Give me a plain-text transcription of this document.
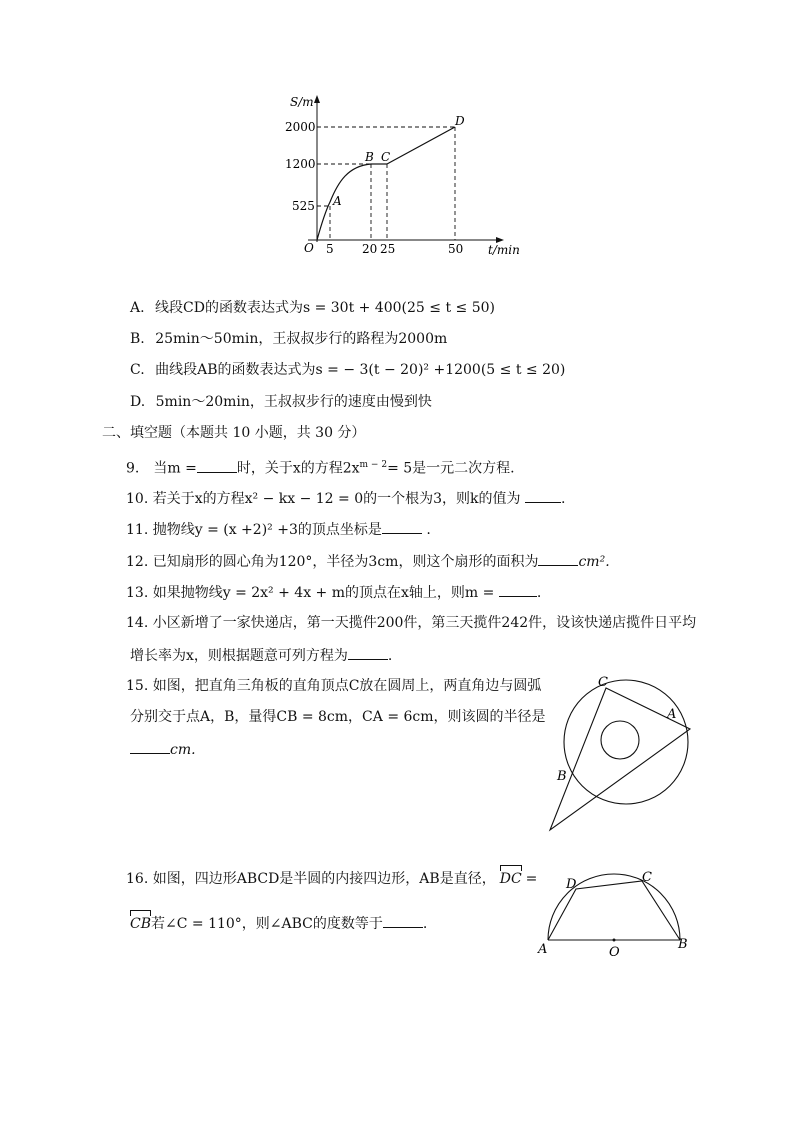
S/m
t/min
O
2000
1200
525
5 20 25	50
A
B C
D
A. 线段CD的函数表达式为s = 30t + 400(25 ≤ t ≤ 50)
B. 25min～50min，王叔叔步行的路程为2000m
C. 曲线段AB的函数表达式为s = − 3(t − 20)² +1200(5 ≤ t ≤ 20)
D. 5min～20min，王叔叔步行的速度由慢到快
二、填空题（本题共 10 小题，共 30 分）
9.　当m =	时，关于x的方程$2x^{m - 2}= 5$是一元二次方程.
10. 若关于x的方程x² − kx − 12 = 0的一个根为3，则k的值为	.
11. 抛物线y = (x +2)² +3的顶点坐标是	.
12. 已知扇形的圆心角为120°，半径为3cm，则这个扇形的面积为	cm².
13. 如果抛物线y = 2x² + 4x + m的顶点在x轴上，则m =	.
14. 小区新增了一家快递店，第一天揽件200件，第三天揽件242件，设该快递店揽件日平均
增长率为x，则根据题意可列方程为	.
15. 如图，把直角三角板的直角顶点C放在圆周上，两直角边与圆弧
分别交于点A，B，量得CB = 8cm，CA = 6cm，则该圆的半径是
cm.
C
A
B
16. 如图，四边形ABCD是半圆的内接四边形，AB是直径， DC =
CB若∠C = 110°，则∠ABC的度数等于	.
A	B
C
D
O
